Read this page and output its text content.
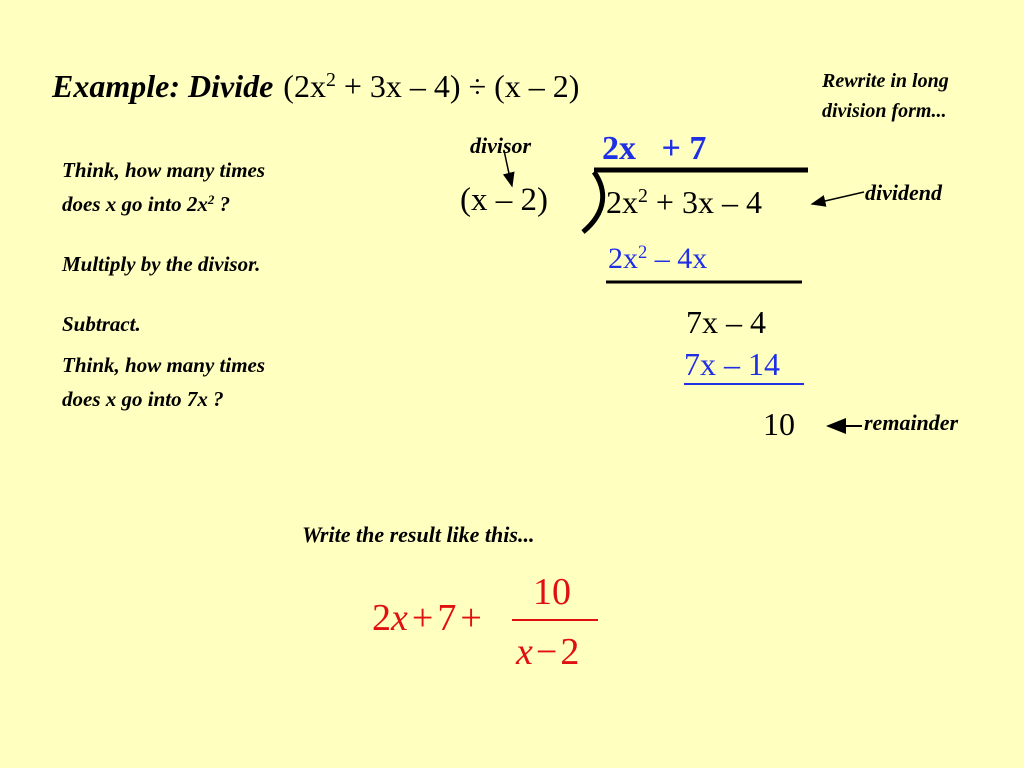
Example: Divide $(2x^2 + 3x - 4) \div (x - 2)$	Rewrite in long
division form...
Think, how many times
does x go into $2x^2$ ?
Multiply by the divisor.
Subtract.
Think, how many times
does x go into 7x ?
divisor
dividend
remainder
2x   + 7
(x – 2) $2x^2 + 3x - 4$
$2x^2 - 4x$
7x – 4
7x – 14
10
Write the result like this...
2x + 7 +
10
x−2
